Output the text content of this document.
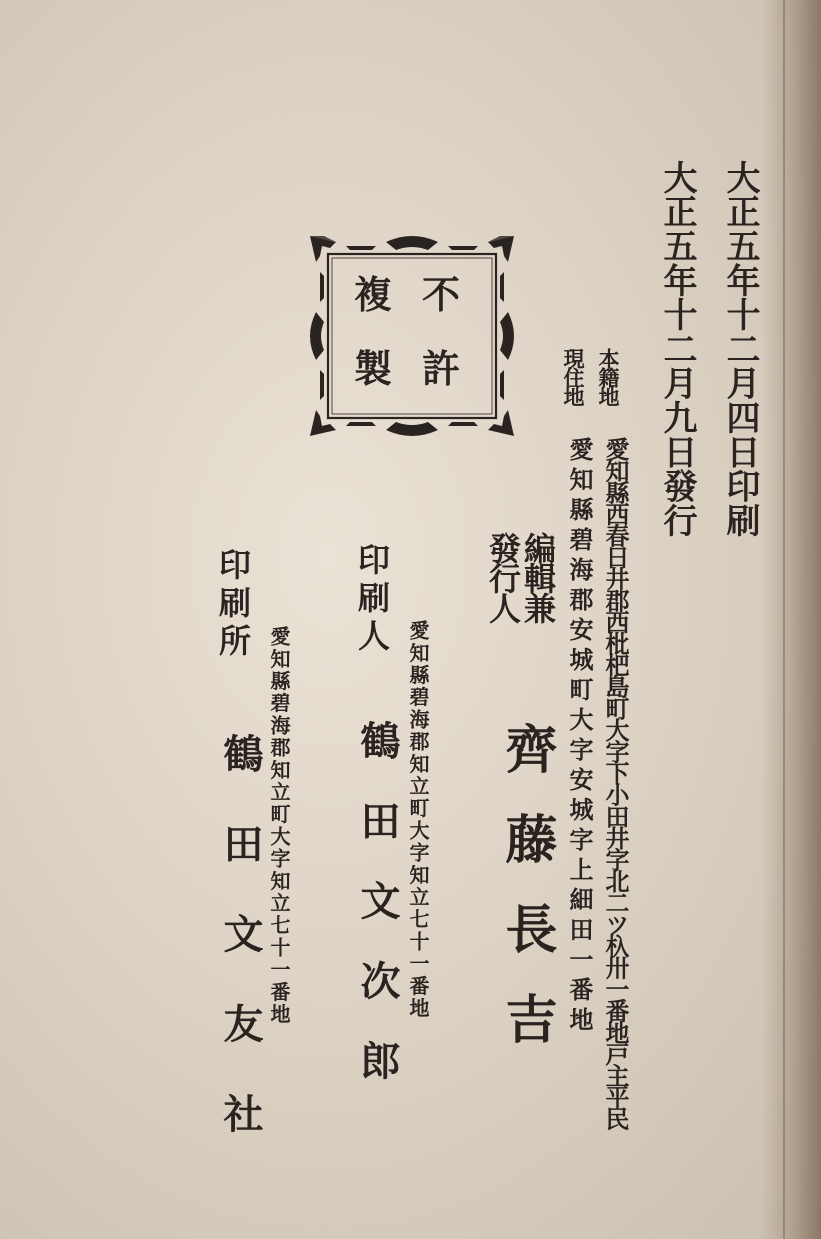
大正五年十二月四日印刷
大正五年十二月九日發行
不
許
複
製	本籍地
現住地
愛知縣西春日井郡西枇杷島町大字下小田井字北二ツ杁卅一番地戸主平民
愛知縣碧海郡安城町大字安城字上細田一番地
編輯兼
發行人
齊藤長吉
愛知縣碧海郡知立町大字知立七十一番地
印刷人
鶴田文次郎
愛知縣碧海郡知立町大字知立七十一番地
印刷所
鶴田文友社
